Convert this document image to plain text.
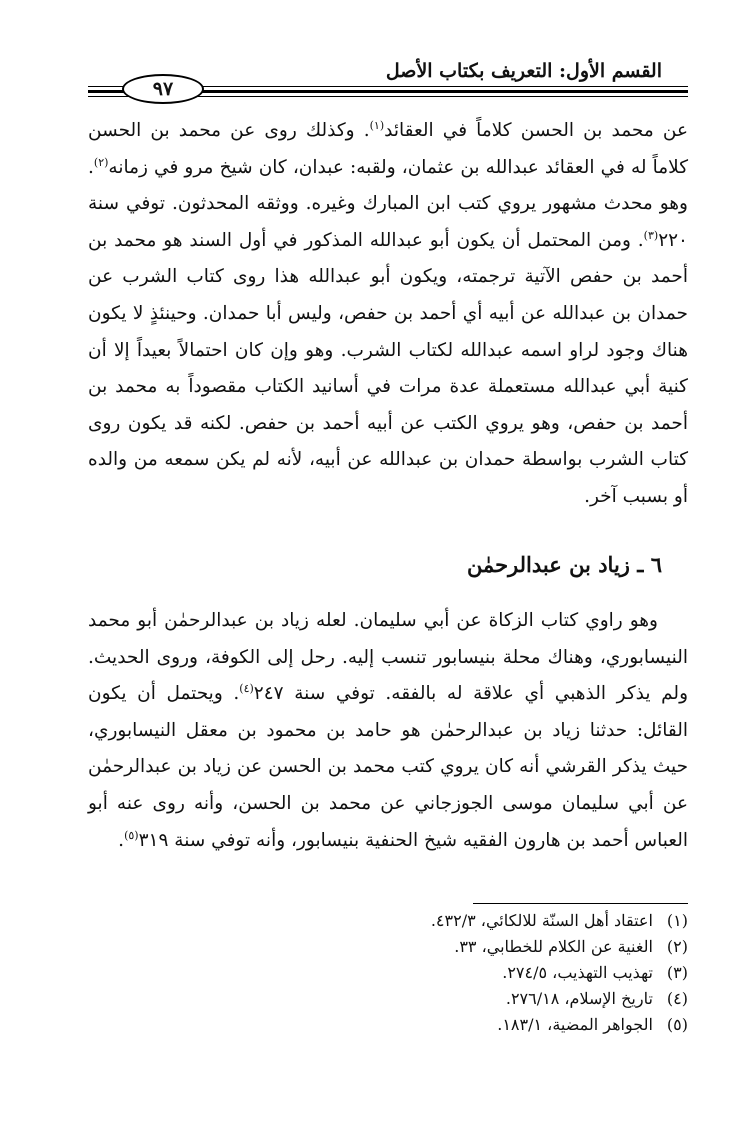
القسم الأول: التعريف بكتاب الأصل
٩٧

عن محمد بن الحسن كلاماً في العقائد$^{(١)}$. وكذلك روى عن محمد بن الحسن كلاماً له في العقائد عبدالله بن عثمان، ولقبه: عبدان، كان شيخ مرو في زمانه$^{(٢)}$. وهو محدث مشهور يروي كتب ابن المبارك وغيره. ووثقه المحدثون. توفي سنة ٢٢٠$^{(٣)}$. ومن المحتمل أن يكون أبو عبدالله المذكور في أول السند هو محمد بن أحمد بن حفص الآتية ترجمته، ويكون أبو عبدالله هذا روى كتاب الشرب عن حمدان بن عبدالله عن أبيه أي أحمد بن حفص، وليس أبا حمدان. وحينئذٍ لا يكون هناك وجود لراو اسمه عبدالله لكتاب الشرب. وهو وإن كان احتمالاً بعيداً إلا أن كنية أبي عبدالله مستعملة عدة مرات في أسانيد الكتاب مقصوداً به محمد بن أحمد بن حفص، وهو يروي الكتب عن أبيه أحمد بن حفص. لكنه قد يكون روى كتاب الشرب بواسطة حمدان بن عبدالله عن أبيه، لأنه لم يكن سمعه من والده أو بسبب آخر.

٦ ـ زياد بن عبدالرحمٰن

وهو راوي كتاب الزكاة عن أبي سليمان. لعله زياد بن عبدالرحمٰن أبو محمد النيسابوري، وهناك محلة بنيسابور تنسب إليه. رحل إلى الكوفة، وروى الحديث. ولم يذكر الذهبي أي علاقة له بالفقه. توفي سنة ٢٤٧$^{(٤)}$. ويحتمل أن يكون القائل: حدثنا زياد بن عبدالرحمٰن هو حامد بن محمود بن معقل النيسابوري، حيث يذكر القرشي أنه كان يروي كتب محمد بن الحسن عن زياد بن عبدالرحمٰن عن أبي سليمان موسى الجوزجاني عن محمد بن الحسن، وأنه روى عنه أبو العباس أحمد بن هارون الفقيه شيخ الحنفية بنيسابور، وأنه توفي سنة ٣١٩$^{(٥)}$.

(١) اعتقاد أهل السنّة للالكائي، ٤٣٢/٣.
(٢) الغنية عن الكلام للخطابي، ٣٣.
(٣) تهذيب التهذيب، ٢٧٤/٥.
(٤) تاريخ الإسلام، ٢٧٦/١٨.
(٥) الجواهر المضية، ١٨٣/١.
